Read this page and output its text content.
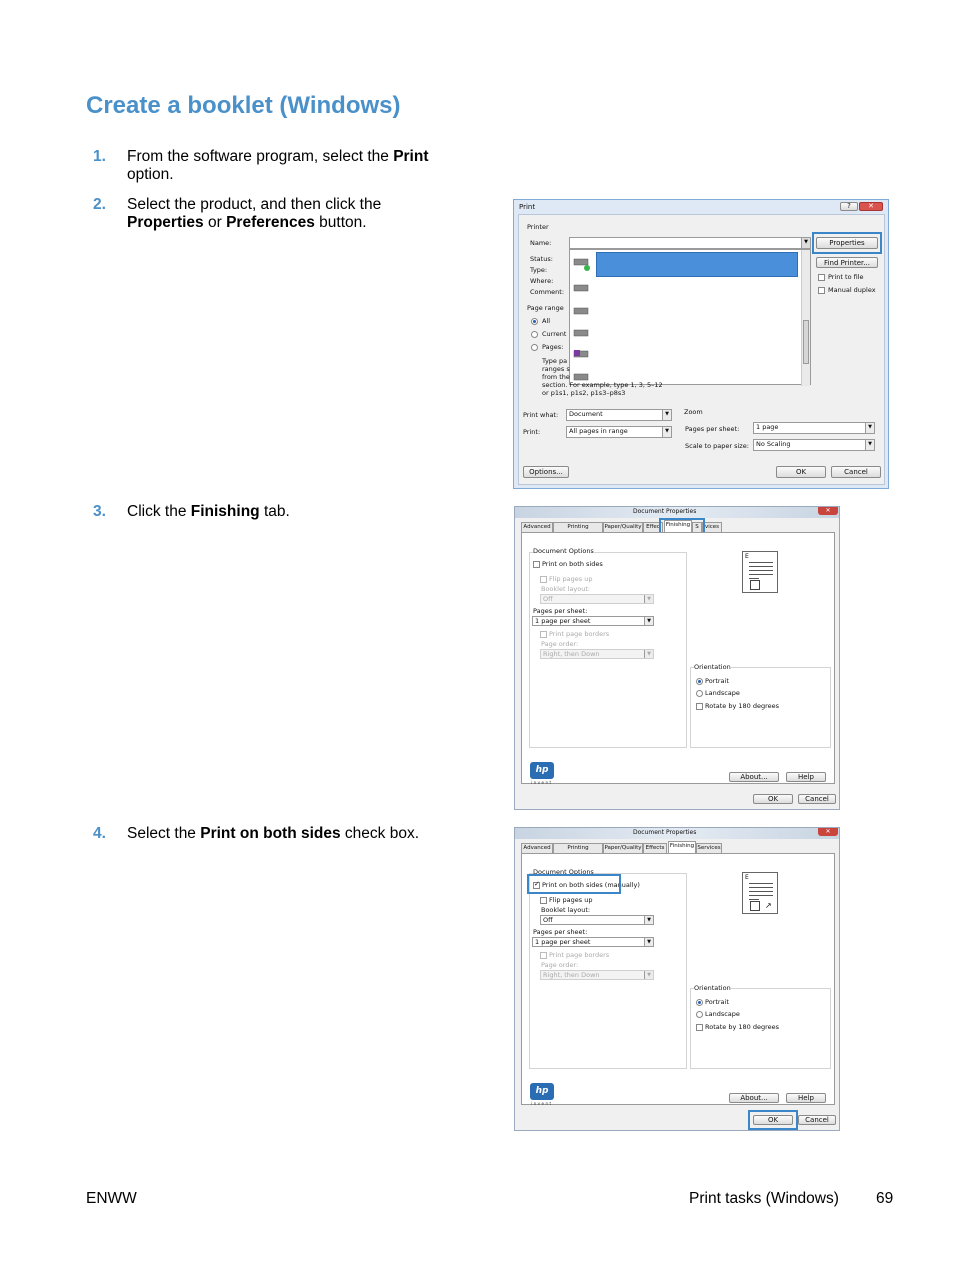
Create a booklet (Windows)
1. From the software program, select the Print option.
2. Select the product, and then click the Properties or Preferences button.
3. Click the Finishing tab.
4. Select the Print on both sides check box.
Print	?	✕
Printer
Name:
Status:
Type:
Where:
Comment:
▼	Properties
Find Printer...
Print to file
Manual duplex
Page range
All
Current
Pages:
Type pa
ranges s
from the
section. For example, type 1, 3, 5–12
or p1s1, p1s2, p1s3–p8s3
Print what:	Document	▼
Print:	All pages in range	▼
Zoom
Pages per sheet:	1 page	▼
Scale to paper size:	No Scaling	▼
Options...	OK	Cancel
Document Properties	✕
Advanced	Printing	Paper/Quality Effec	Finishing S	vices
Document Options
Print on both sides
Flip pages up
Booklet layout:
Off	▼
Pages per sheet:
1 page per sheet	▼
Print page borders
Page order:
Right, then Down	▼
E
Orientation
Portrait
Landscape
Rotate by 180 degrees
hp
invent
About...	Help
OK	Cancel
Document Properties	✕
Advanced	Printing	Paper/Quality Effects	Finishing Services
Document Options
✓
Print on both sides (manually)
Flip pages up
Booklet layout:
Off	▼
Pages per sheet:
1 page per sheet	▼
Print page borders
Page order:
Right, then Down	▼
E
↗
Orientation
Portrait
Landscape
Rotate by 180 degrees
hp
invent
About...	Help
OK	Cancel
ENWW	Print tasks (Windows) 69
